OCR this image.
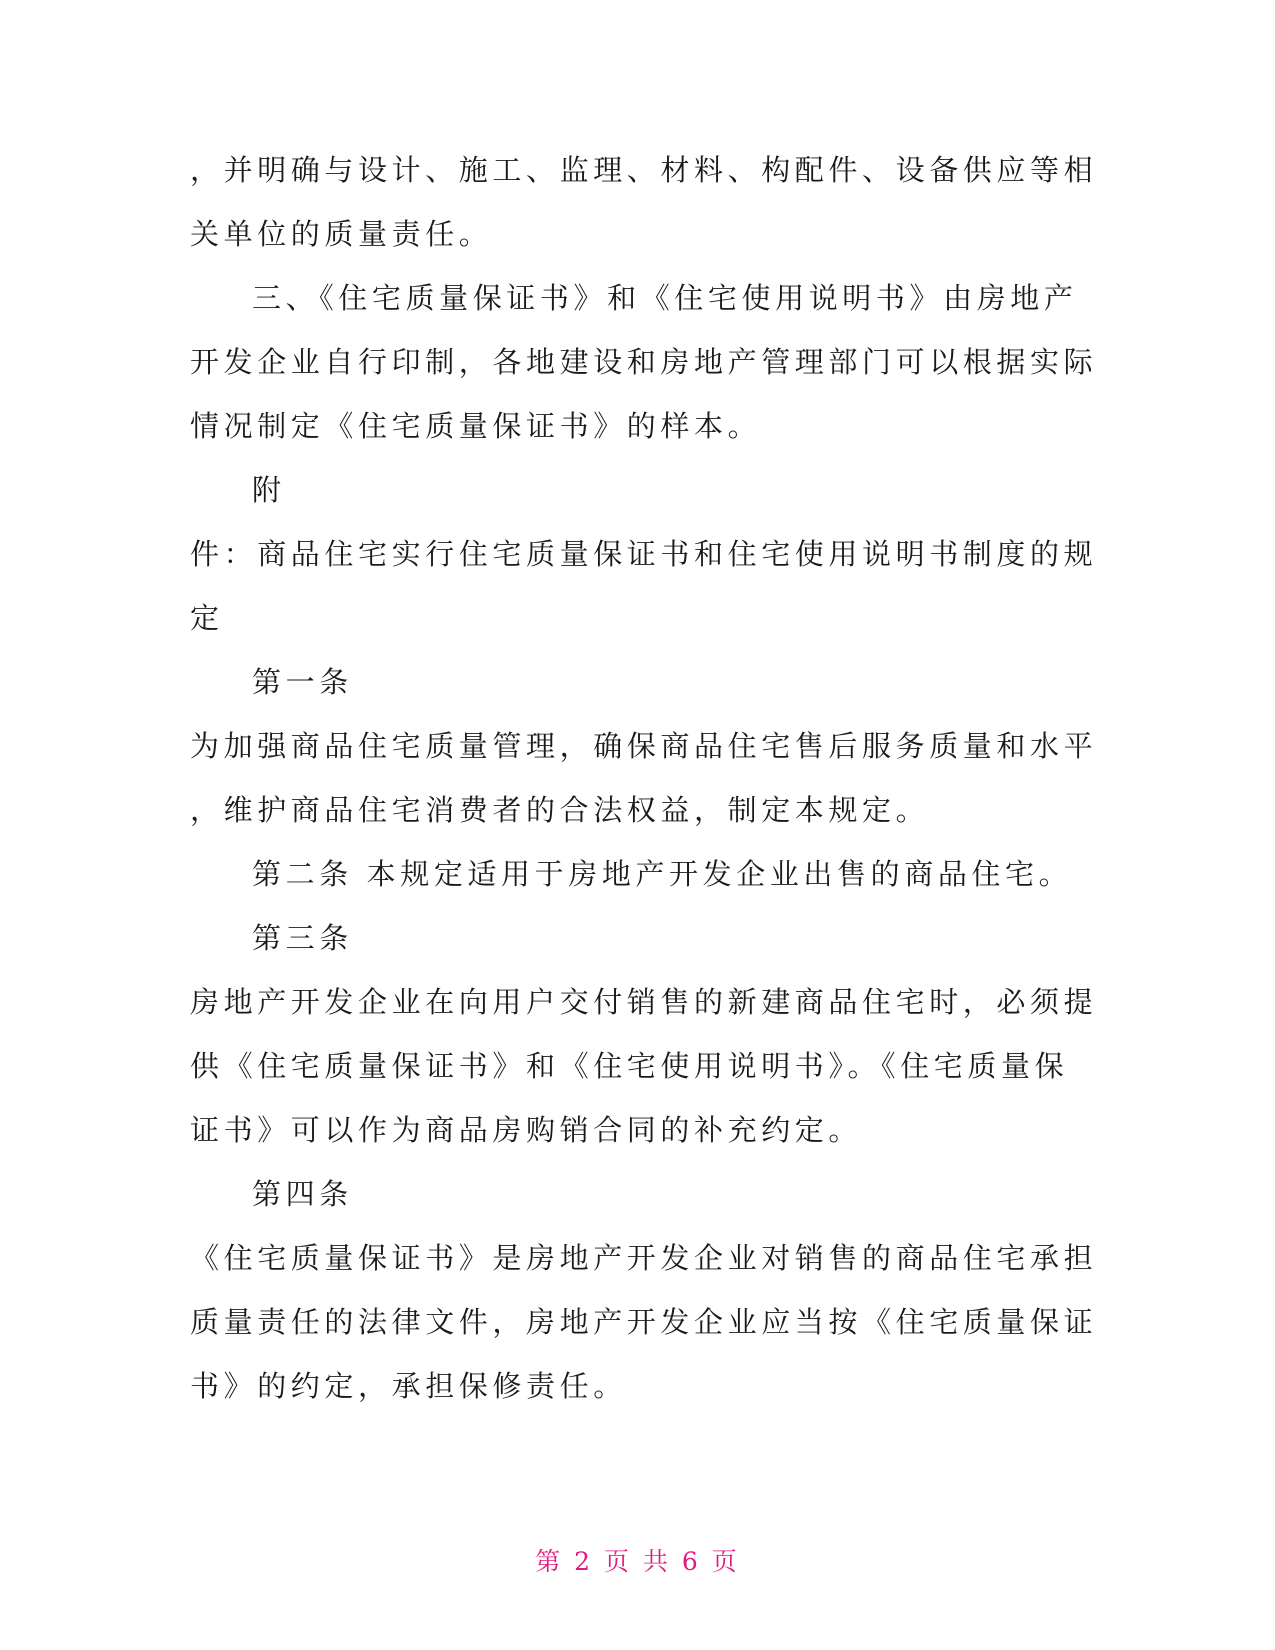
，并明确与设计、施工、监理、材料、构配件、设备供应等相
关单位的质量责任。
三、《住宅质量保证书》和《住宅使用说明书》由房地产
开发企业自行印制，各地建设和房地产管理部门可以根据实际
情况制定《住宅质量保证书》的样本。
附
件：商品住宅实行住宅质量保证书和住宅使用说明书制度的规
定
第一条
为加强商品住宅质量管理，确保商品住宅售后服务质量和水平
，维护商品住宅消费者的合法权益，制定本规定。
第二条 本规定适用于房地产开发企业出售的商品住宅。
第三条
房地产开发企业在向用户交付销售的新建商品住宅时，必须提
供《住宅质量保证书》和《住宅使用说明书》。《住宅质量保
证书》可以作为商品房购销合同的补充约定。
第四条
《住宅质量保证书》是房地产开发企业对销售的商品住宅承担
质量责任的法律文件，房地产开发企业应当按《住宅质量保证
书》的约定，承担保修责任。
第 2 页 共 6 页
